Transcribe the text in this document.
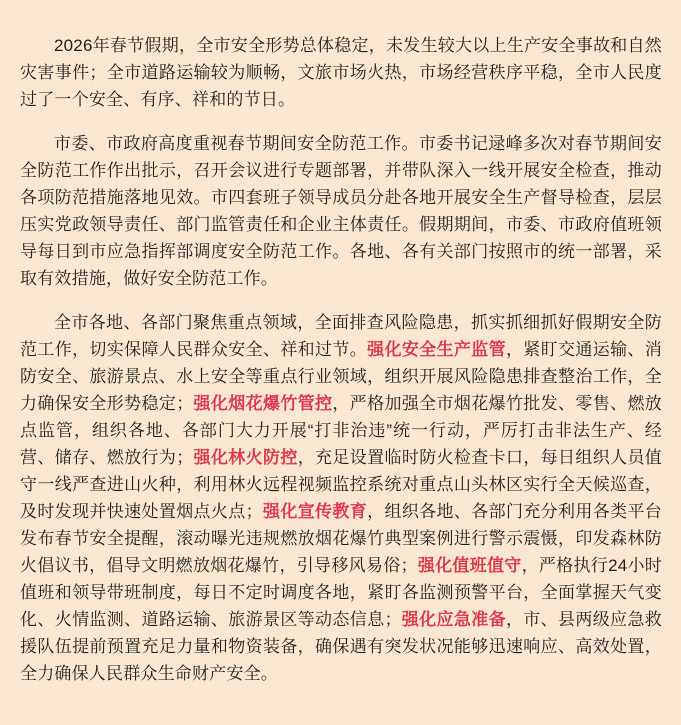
2026年春节假期，全市安全形势总体稳定，未发生较大以上生产安全事故和自然灾害事件；全市道路运输较为顺畅，文旅市场火热，市场经营秩序平稳，全市人民度过了一个安全、有序、祥和的节日。

市委、市政府高度重视春节期间安全防范工作。市委书记逯峰多次对春节期间安全防范工作作出批示，召开会议进行专题部署，并带队深入一线开展安全检查，推动各项防范措施落地见效。市四套班子领导成员分赴各地开展安全生产督导检查，层层压实党政领导责任、部门监管责任和企业主体责任。假期期间，市委、市政府值班领导每日到市应急指挥部调度安全防范工作。各地、各有关部门按照市的统一部署，采取有效措施，做好安全防范工作。

全市各地、各部门聚焦重点领域，全面排查风险隐患，抓实抓细抓好假期安全防范工作，切实保障人民群众安全、祥和过节。强化安全生产监管，紧盯交通运输、消防安全、旅游景点、水上安全等重点行业领域，组织开展风险隐患排查整治工作，全力确保安全形势稳定；强化烟花爆竹管控，严格加强全市烟花爆竹批发、零售、燃放点监管，组织各地、各部门大力开展“打非治违”统一行动，严厉打击非法生产、经营、储存、燃放行为；强化林火防控，充足设置临时防火检查卡口，每日组织人员值守一线严查进山火种，利用林火远程视频监控系统对重点山头林区实行全天候巡查，及时发现并快速处置烟点火点；强化宣传教育，组织各地、各部门充分利用各类平台发布春节安全提醒，滚动曝光违规燃放烟花爆竹典型案例进行警示震慑，印发森林防火倡议书，倡导文明燃放烟花爆竹，引导移风易俗；强化值班值守，严格执行24小时值班和领导带班制度，每日不定时调度各地，紧盯各监测预警平台，全面掌握天气变化、火情监测、道路运输、旅游景区等动态信息；强化应急准备，市、县两级应急救援队伍提前预置充足力量和物资装备，确保遇有突发状况能够迅速响应、高效处置，全力确保人民群众生命财产安全。
